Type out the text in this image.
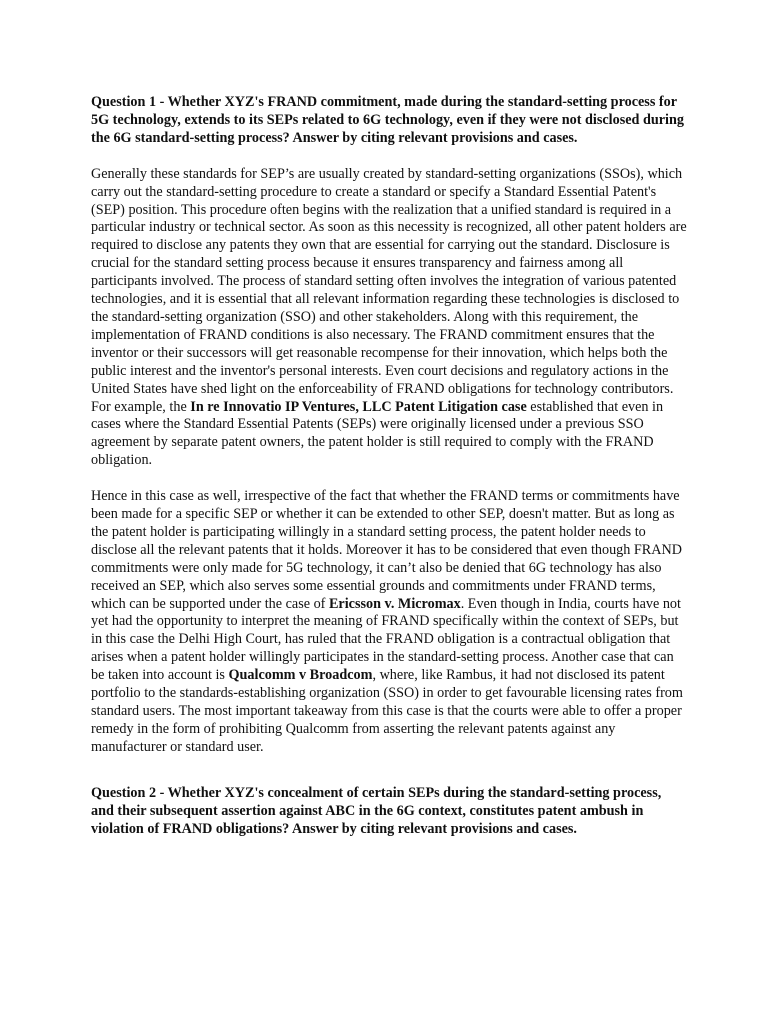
Question 1 - Whether XYZ's FRAND commitment, made during the standard-setting process for 5G technology, extends to its SEPs related to 6G technology, even if they were not disclosed during the 6G standard-setting process? Answer by citing relevant provisions and cases.

Generally these standards for SEP’s are usually created by standard-setting organizations (SSOs), which carry out the standard-setting procedure to create a standard or specify a Standard Essential Patent's (SEP) position. This procedure often begins with the realization that a unified standard is required in a particular industry or technical sector. As soon as this necessity is recognized, all other patent holders are required to disclose any patents they own that are essential for carrying out the standard. Disclosure is crucial for the standard setting process because it ensures transparency and fairness among all participants involved. The process of standard setting often involves the integration of various patented technologies, and it is essential that all relevant information regarding these technologies is disclosed to the standard-setting organization (SSO) and other stakeholders. Along with this requirement, the implementation of FRAND conditions is also necessary. The FRAND commitment ensures that the inventor or their successors will get reasonable recompense for their innovation, which helps both the public interest and the inventor's personal interests. Even court decisions and regulatory actions in the United States have shed light on the enforceability of FRAND obligations for technology contributors. For example, the In re Innovatio IP Ventures, LLC Patent Litigation case established that even in cases where the Standard Essential Patents (SEPs) were originally licensed under a previous SSO agreement by separate patent owners, the patent holder is still required to comply with the FRAND obligation.

Hence in this case as well, irrespective of the fact that whether the FRAND terms or commitments have been made for a specific SEP or whether it can be extended to other SEP, doesn't matter. But as long as the patent holder is participating willingly in a standard setting process, the patent holder needs to disclose all the relevant patents that it holds. Moreover it has to be considered that even though FRAND commitments were only made for 5G technology, it can’t also be denied that 6G technology has also received an SEP, which also serves some essential grounds and commitments under FRAND terms, which can be supported under the case of Ericsson v. Micromax. Even though in India, courts have not yet had the opportunity to interpret the meaning of FRAND specifically within the context of SEPs, but in this case the Delhi High Court, has ruled that the FRAND obligation is a contractual obligation that arises when a patent holder willingly participates in the standard-setting process. Another case that can be taken into account is Qualcomm v Broadcom, where, like Rambus, it had not disclosed its patent portfolio to the standards-establishing organization (SSO) in order to get favourable licensing rates from standard users. The most important takeaway from this case is that the courts were able to offer a proper remedy in the form of prohibiting Qualcomm from asserting the relevant patents against any manufacturer or standard user.

Question 2 - Whether XYZ's concealment of certain SEPs during the standard-setting process, and their subsequent assertion against ABC in the 6G context, constitutes patent ambush in violation of FRAND obligations? Answer by citing relevant provisions and cases.
